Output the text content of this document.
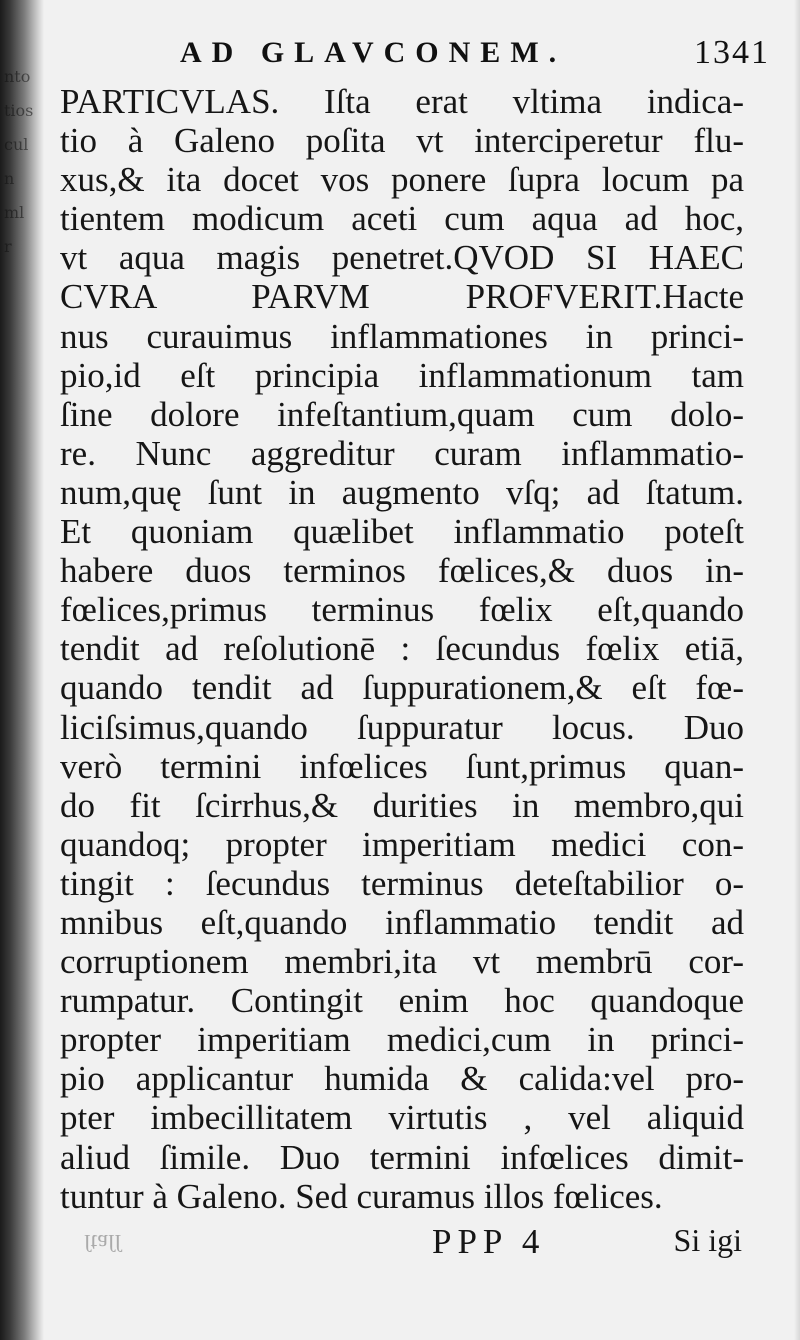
nto
tios
cul
n
ml
r
AD GLAVCONEM.	1341
PARTICVLAS. Iſta erat vltima indica-
tio à Galeno poſita vt interciperetur flu-
xus,& ita docet vos ponere ſupra locum pa
tientem modicum aceti cum aqua ad hoc,
vt aqua magis penetret.QVOD SI HAEC
CVRA PARVM PROFVERIT.Hacte
nus curauimus inflammationes in princi-
pio,id eſt principia inflammationum tam
ſine dolore infeſtantium,quam cum dolo-
re. Nunc aggreditur curam inflammatio-
num,quę ſunt in augmento vſq; ad ſtatum.
Et quoniam quælibet inflammatio poteſt
habere duos terminos fœlices,& duos in-
fœlices,primus terminus fœlix eſt,quando
tendit ad reſolutionē : ſecundus fœlix etiā,
quando tendit ad ſuppurationem,& eſt fœ-
liciſsimus,quando ſuppuratur locus. Duo
verò termini infœlices ſunt,primus quan-
do fit ſcirrhus,& durities in membro,qui
quandoq; propter imperitiam medici con-
tingit : ſecundus terminus deteſtabilior o-
mnibus eſt,quando inflammatio tendit ad
corruptionem membri,ita vt membrū cor-
rumpatur. Contingit enim hoc quandoque
propter imperitiam medici,cum in princi-
pio applicantur humida & calida:vel pro-
pter imbecillitatem virtutis , vel aliquid
aliud ſimile. Duo termini infœlices dimit-
tuntur à Galeno. Sed curamus illos fœlices.
ſtaſſ	PPP 4	Si igi
